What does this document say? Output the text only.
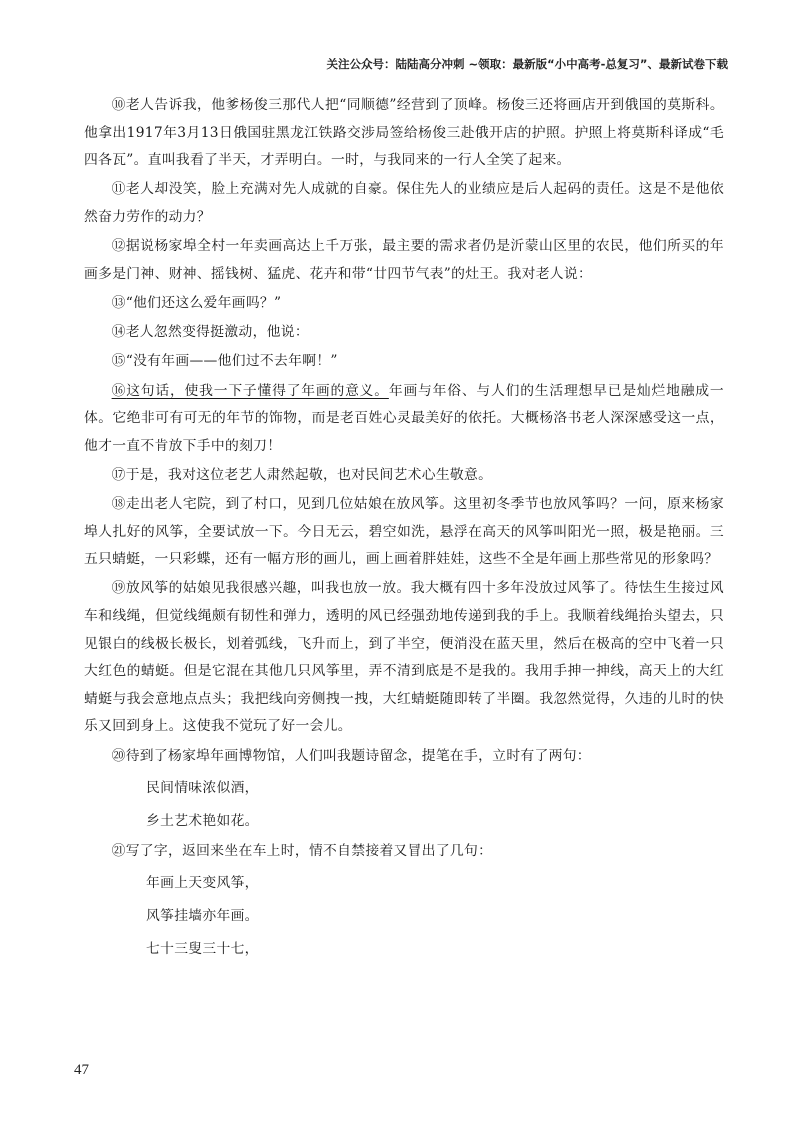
关注公众号：陆陆高分冲刺 ~领取：最新版“小中高考-总复习”、最新试卷下载

⑩老人告诉我，他爹杨俊三那代人把“同顺德”经营到了顶峰。杨俊三还将画店开到俄国的莫斯科。他拿出1917年3月13日俄国驻黑龙江铁路交涉局签给杨俊三赴俄开店的护照。护照上将莫斯科译成“毛四各瓦”。直叫我看了半天，才弄明白。一时，与我同来的一行人全笑了起来。

⑪老人却没笑，脸上充满对先人成就的自豪。保住先人的业绩应是后人起码的责任。这是不是他依然奋力劳作的动力？

⑫据说杨家埠全村一年卖画高达上千万张，最主要的需求者仍是沂蒙山区里的农民，他们所买的年画多是门神、财神、摇钱树、猛虎、花卉和带“廿四节气表”的灶王。我对老人说：

⑬“他们还这么爱年画吗？”

⑭老人忽然变得挺激动，他说：

⑮“没有年画——他们过不去年啊！”

⑯这句话，使我一下子懂得了年画的意义。年画与年俗、与人们的生活理想早已是灿烂地融成一体。它绝非可有可无的年节的饰物，而是老百姓心灵最美好的依托。大概杨洛书老人深深感受这一点，他才一直不肯放下手中的刻刀！

⑰于是，我对这位老艺人肃然起敬，也对民间艺术心生敬意。

⑱走出老人宅院，到了村口，见到几位姑娘在放风筝。这里初冬季节也放风筝吗？一问，原来杨家埠人扎好的风筝，全要试放一下。今日无云，碧空如洗，悬浮在高天的风筝叫阳光一照，极是艳丽。三五只蜻蜓，一只彩蝶，还有一幅方形的画儿，画上画着胖娃娃，这些不全是年画上那些常见的形象吗？

⑲放风筝的姑娘见我很感兴趣，叫我也放一放。我大概有四十多年没放过风筝了。待怯生生接过风车和线绳，但觉线绳颇有韧性和弹力，透明的风已经强劲地传递到我的手上。我顺着线绳抬头望去，只见银白的线极长极长，划着弧线，飞升而上，到了半空，便消没在蓝天里，然后在极高的空中飞着一只大红色的蜻蜓。但是它混在其他几只风筝里，弄不清到底是不是我的。我用手抻一抻线，高天上的大红蜻蜓与我会意地点点头；我把线向旁侧拽一拽，大红蜻蜓随即转了半圈。我忽然觉得，久违的儿时的快乐又回到身上。这使我不觉玩了好一会儿。

⑳待到了杨家埠年画博物馆，人们叫我题诗留念，提笔在手，立时有了两句：

民间情味浓似酒，

乡土艺术艳如花。

㉑写了字，返回来坐在车上时，情不自禁接着又冒出了几句：

年画上天变风筝，

风筝挂墙亦年画。

七十三叟三十七，

47
